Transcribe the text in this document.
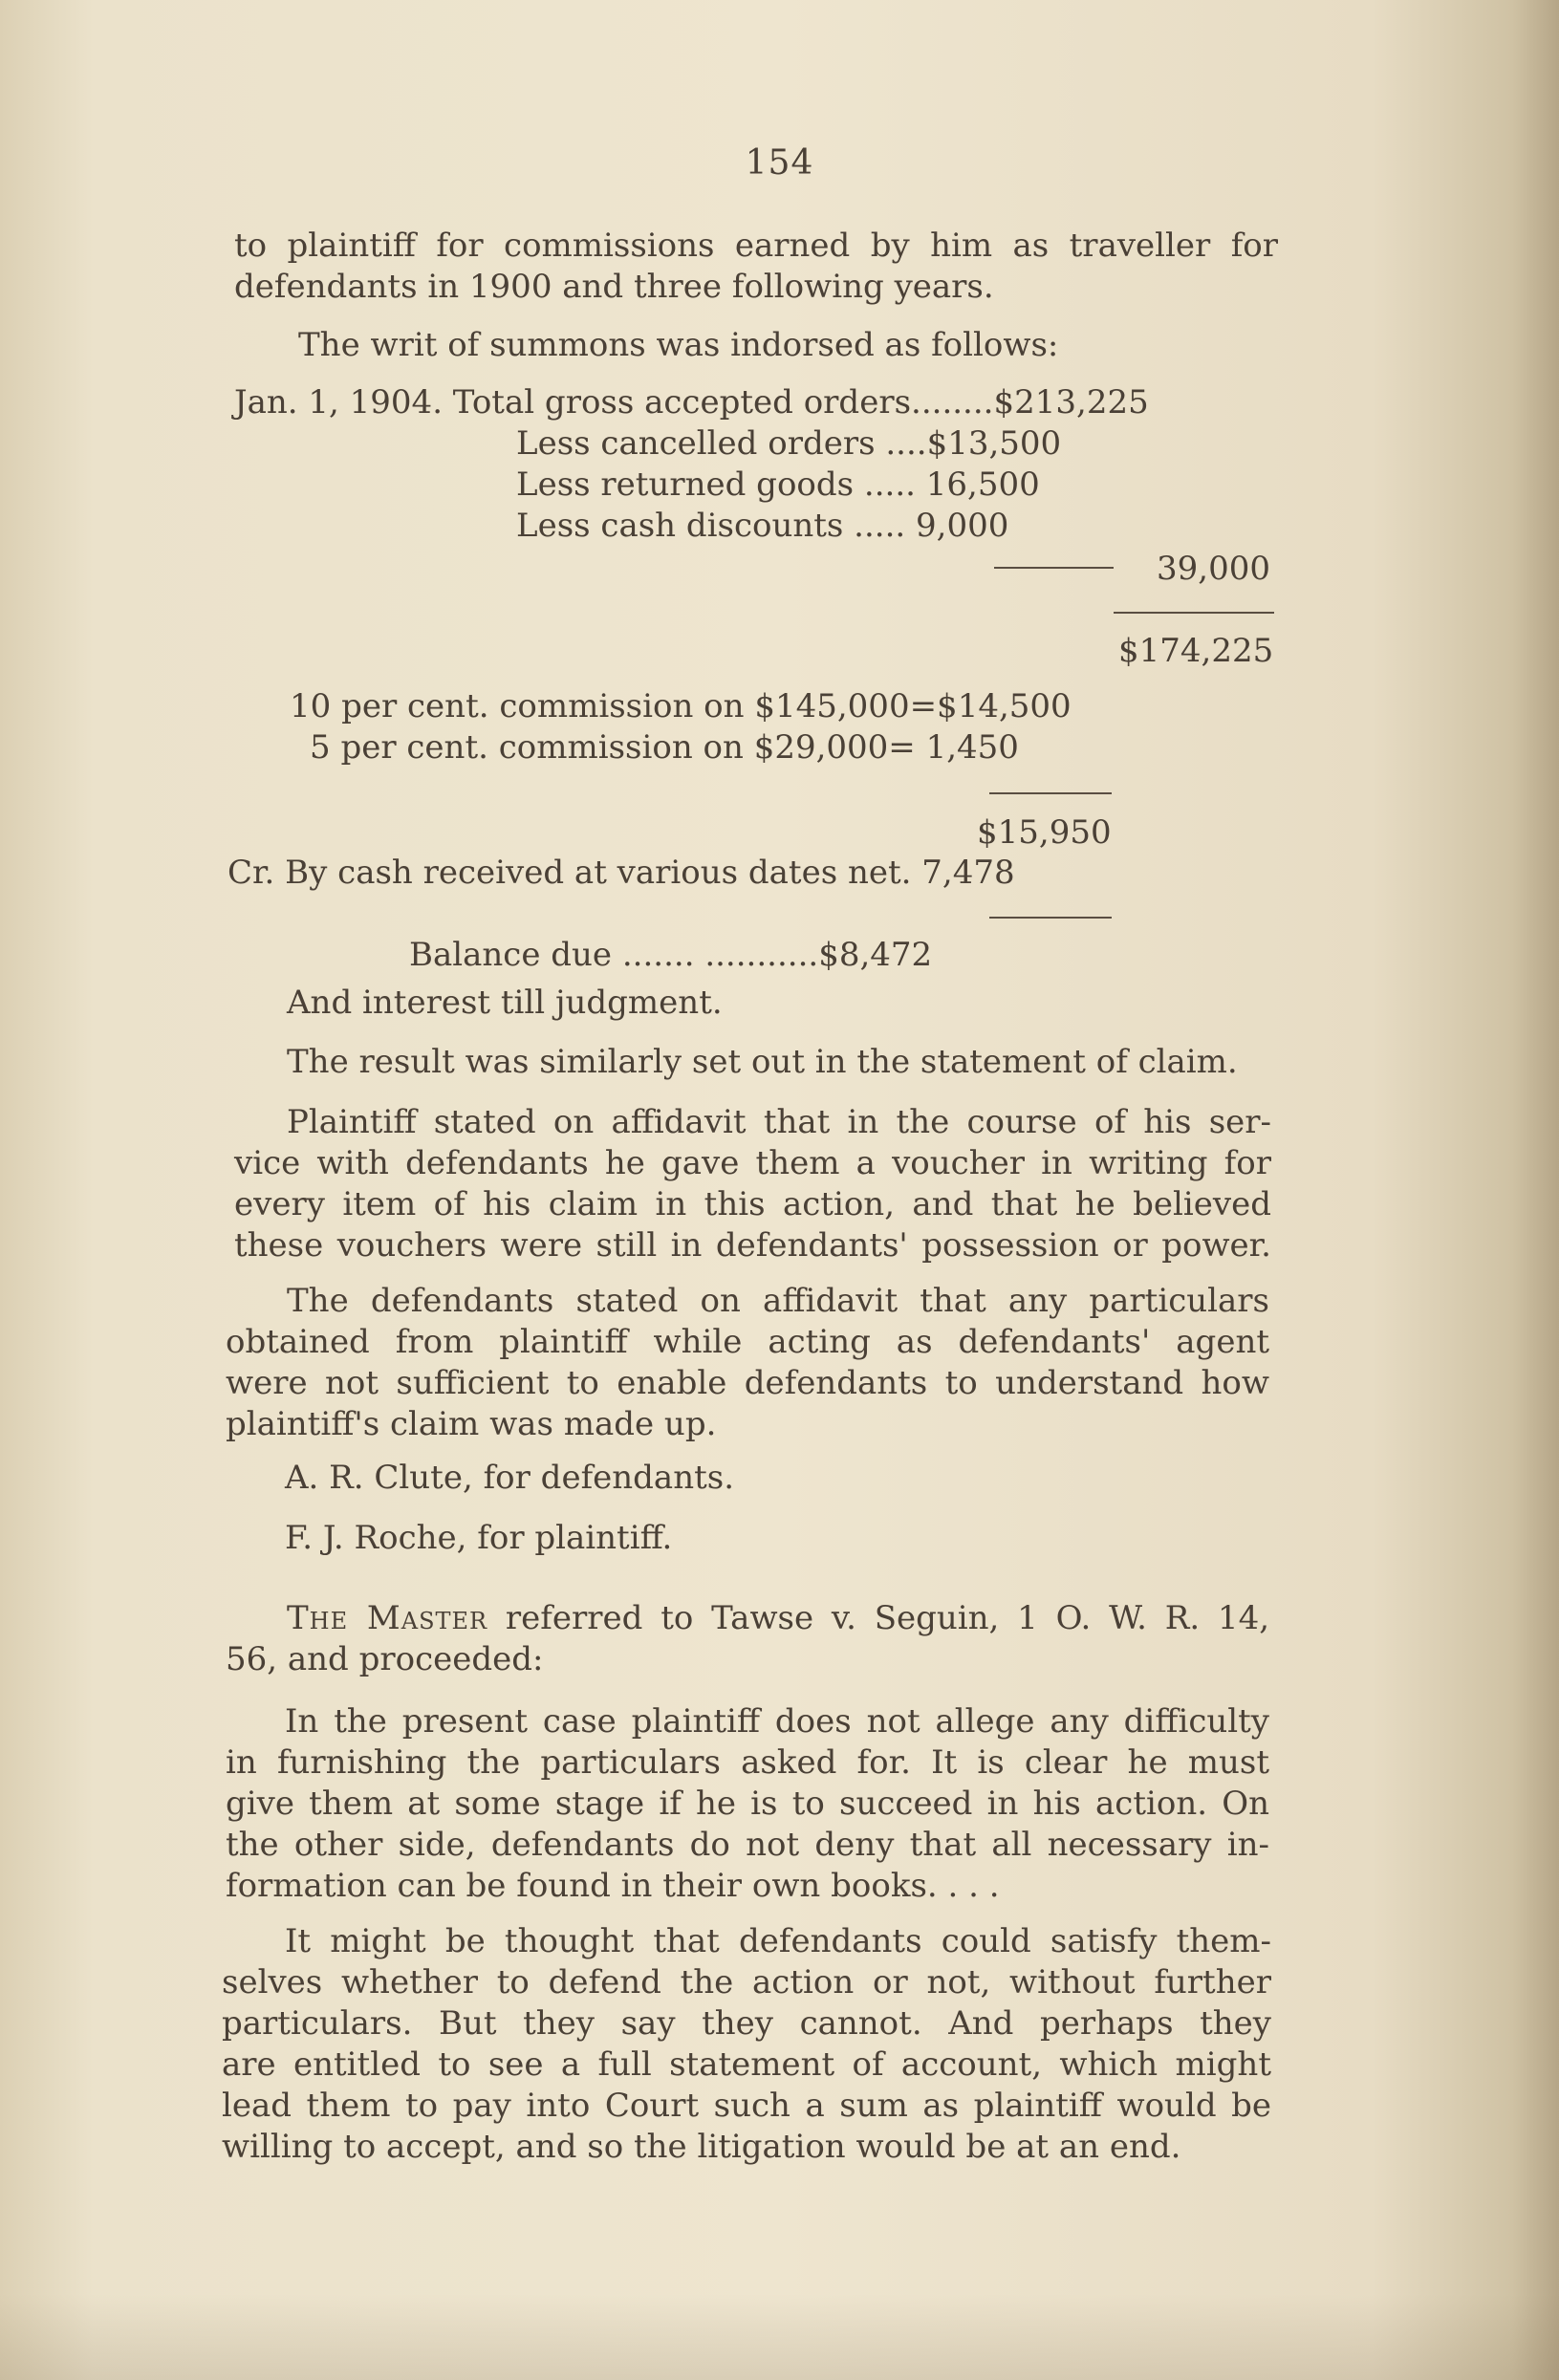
154
to plaintiff for commissions earned by him as traveller for
defendants in 1900 and three following years.
The writ of summons was indorsed as follows:
Jan. 1, 1904. Total gross accepted orders........$213,225
Less cancelled orders ....$13,500
Less returned goods ..... 16,500
Less cash discounts ..... 9,000
39,000
$174,225
10 per cent. commission on $145,000=$14,500
5 per cent. commission on $29,000= 1,450
$15,950
Cr. By cash received at various dates net. 7,478
Balance due ....... ...........$8,472
And interest till judgment.
The result was similarly set out in the statement of claim.
Plaintiff stated on affidavit that in the course of his ser-
vice with defendants he gave them a voucher in writing for
every item of his claim in this action, and that he believed
these vouchers were still in defendants' possession or power.
The defendants stated on affidavit that any particulars
obtained from plaintiff while acting as defendants' agent
were not sufficient to enable defendants to understand how
plaintiff's claim was made up.
A. R. Clute, for defendants.
F. J. Roche, for plaintiff.
The Master referred to Tawse v. Seguin, 1 O. W. R. 14,
56, and proceeded:
In the present case plaintiff does not allege any difficulty
in furnishing the particulars asked for. It is clear he must
give them at some stage if he is to succeed in his action. On
the other side, defendants do not deny that all necessary in-
formation can be found in their own books. . . .
It might be thought that defendants could satisfy them-
selves whether to defend the action or not, without further
particulars. But they say they cannot. And perhaps they
are entitled to see a full statement of account, which might
lead them to pay into Court such a sum as plaintiff would be
willing to accept, and so the litigation would be at an end.
